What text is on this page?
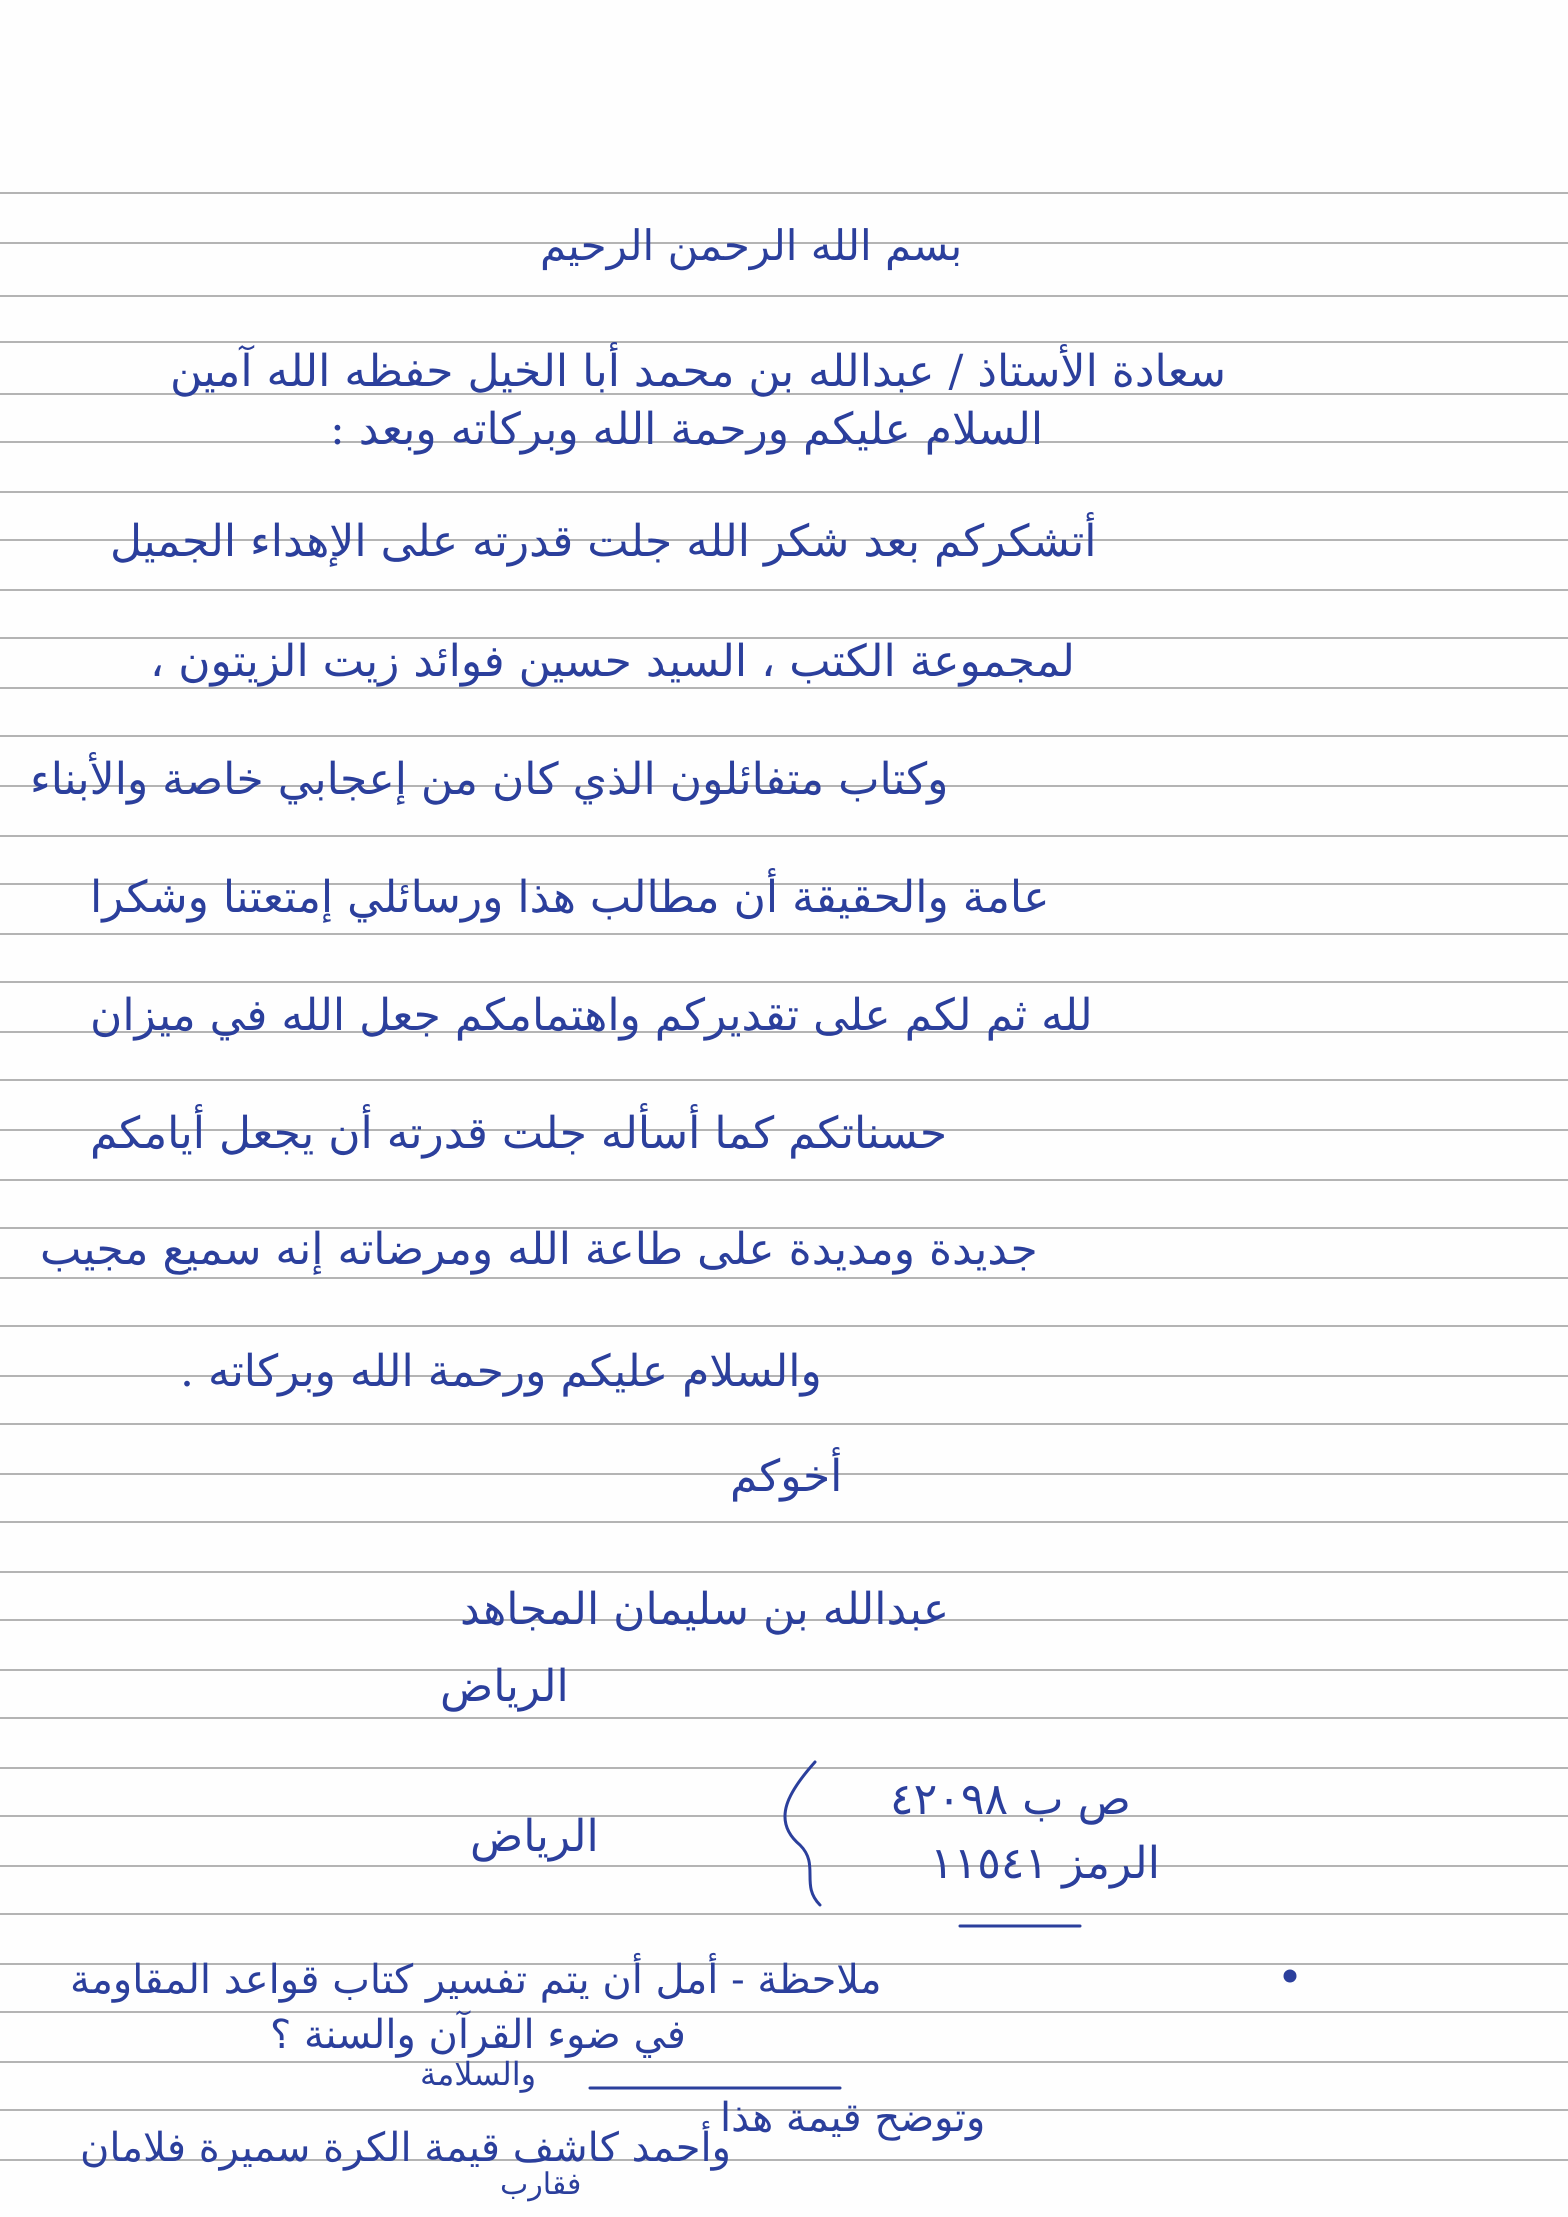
بسم الله الرحمن الرحيم
سعادة الأستاذ / عبدالله بن محمد أبا الخيل حفظه الله آمين
السلام عليكم ورحمة الله وبركاته وبعد :
أتشكركم بعد شكر الله جلت قدرته على الإهداء الجميل
لمجموعة الكتب ، السيد حسين فوائد زيت الزيتون ،
وكتاب متفائلون الذي كان من إعجابي خاصة والأبناء
عامة والحقيقة أن مطالب هذا ورسائلي إمتعتنا وشكرا
لله ثم لكم على تقديركم واهتمامكم جعل الله في ميزان
حسناتكم كما أسأله جلت قدرته أن يجعل أيامكم
جديدة ومديدة على طاعة الله ومرضاته إنه سميع مجيب
والسلام عليكم ورحمة الله وبركاته .
أخوكم
عبدالله بن سليمان المجاهد
الرياض
ص ب ٤٢٠٩٨
الرمز ١١٥٤١
الرياض
ملاحظة - أمل أن يتم تفسير كتاب قواعد المقاومة
في ضوء القرآن والسنة ؟
والسلامة
وتوضح قيمة هذا
وأحمد كاشف قيمة الكرة سميرة فلامان
فقارب
